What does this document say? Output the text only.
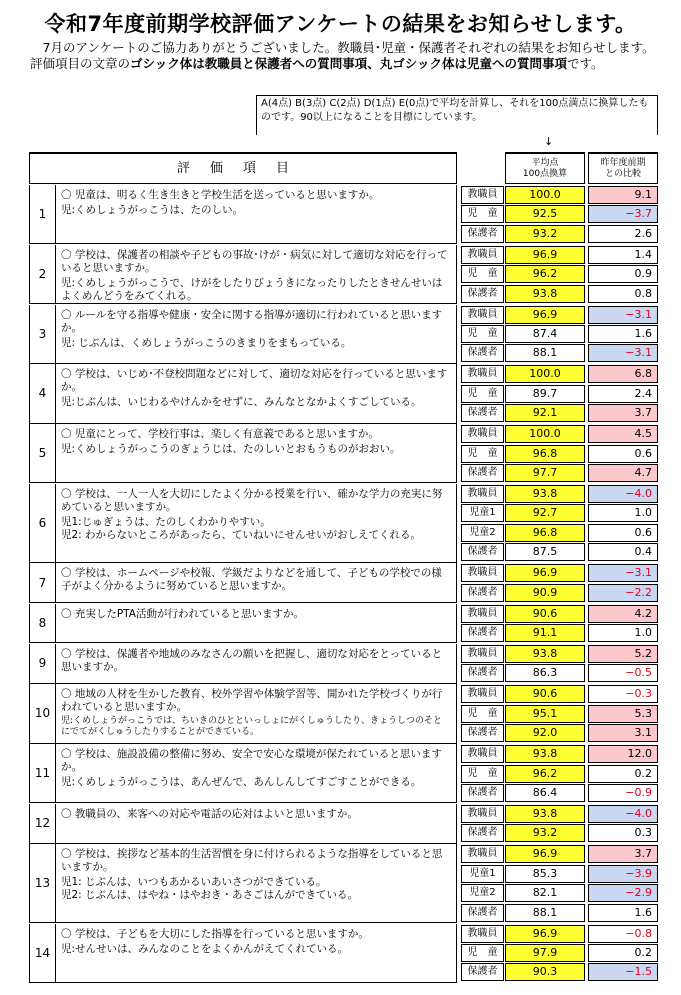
令和7年度前期学校評価アンケートの結果をお知らせします。
　7月のアンケートのご協力ありがとうございました。教職員･児童・保護者それぞれの結果をお知らせします。評価項目の文章のゴシック体は教職員と保護者への質問事項、丸ゴシック体は児童への質問事項です。
A(4点) B(3点) C(2点) D(1点) E(0点)で平均を計算し、それを100点満点に換算したものです。90以上になることを目標にしています。
↓
評価項目	平均点
100点換算
昨年度前期
との比較
1
〇 児童は、明るく生き生きと学校生活を送っていると思いますか。
児:くめしょうがっこうは、たのしい。
教職員	100.0	9.1
児　童	92.5	−3.7
保護者	93.2	2.6
2
〇 学校は、保護者の相談や子どもの事故･けが・病気に対して適切な対応を行っていると思いますか。
児:くめしょうがっこうで、けがをしたりびょうきになったりしたときせんせいはよくめんどうをみてくれる。
教職員	96.9	1.4
児　童	96.2	0.9
保護者	93.8	0.8
3
〇 ルールを守る指導や健康・安全に関する指導が適切に行われていると思いますか。
児: じぶんは、くめしょうがっこうのきまりをまもっている。
教職員	96.9	−3.1
児　童	87.4	1.6
保護者	88.1	−3.1
4
〇 学校は、いじめ･不登校問題などに対して、適切な対応を行っていると思いますか。
児:じぶんは、いじわるやけんかをせずに、みんなとなかよくすごしている。
教職員	100.0	6.8
児　童	89.7	2.4
保護者	92.1	3.7
5
〇 児童にとって、学校行事は、楽しく有意義であると思いますか。
児:くめしょうがっこうのぎょうじは、たのしいとおもうものがおおい。
教職員	100.0	4.5
児　童	96.8	0.6
保護者	97.7	4.7
6
〇 学校は、一人一人を大切にしたよく分かる授業を行い、確かな学力の充実に努めていると思いますか。
児1:じゅぎょうは、たのしくわかりやすい。
児2: わからないところがあったら、ていねいにせんせいがおしえてくれる。
教職員	93.8	−4.0
児童1	92.7	1.0
児童2	96.8	0.6
保護者	87.5	0.4
7
〇 学校は、ホームページや校報、学級だよりなどを通して、子どもの学校での様子がよく分かるように努めていると思いますか。
教職員	96.9	−3.1
保護者	90.9	−2.2
8
〇 充実したPTA活動が行われていると思いますか。	教職員	90.6	4.2
保護者	91.1	1.0
9
〇 学校は、保護者や地域のみなさんの願いを把握し、適切な対応をとっていると思いますか。
教職員	93.8	5.2
保護者	86.3	−0.5
10
〇 地域の人材を生かした教育、校外学習や体験学習等、開かれた学校づくりが行われていると思いますか。
児:くめしょうがっこうでは、ちいきのひとといっしょにがくしゅうしたり、きょうしつのそとにでてがくしゅうしたりすることができている。
教職員	90.6	−0.3
児　童	95.1	5.3
保護者	92.0	3.1
11
〇 学校は、施設設備の整備に努め、安全で安心な環境が保たれていると思いますか。
児:くめしょうがっこうは、あんぜんで、あんしんしてすごすことができる。
教職員	93.8	12.0
児　童	96.2	0.2
保護者	86.4	−0.9
12
〇 教職員の、来客への対応や電話の応対はよいと思いますか。	教職員	93.8	−4.0
保護者	93.2	0.3
13
〇 学校は、挨拶など基本的生活習慣を身に付けられるような指導をしていると思いますか。
児1: じぶんは、いつもあかるいあいさつができている。
児2: じぶんは、はやね・はやおき・あさごはんができている。
教職員	96.9	3.7
児童1	85.3	−3.9
児童2	82.1	−2.9
保護者	88.1	1.6
14
〇 学校は、子どもを大切にした指導を行っていると思いますか。
児:せんせいは、みんなのことをよくかんがえてくれている。
教職員	96.9	−0.8
児　童	97.9	0.2
保護者	90.3	−1.5
